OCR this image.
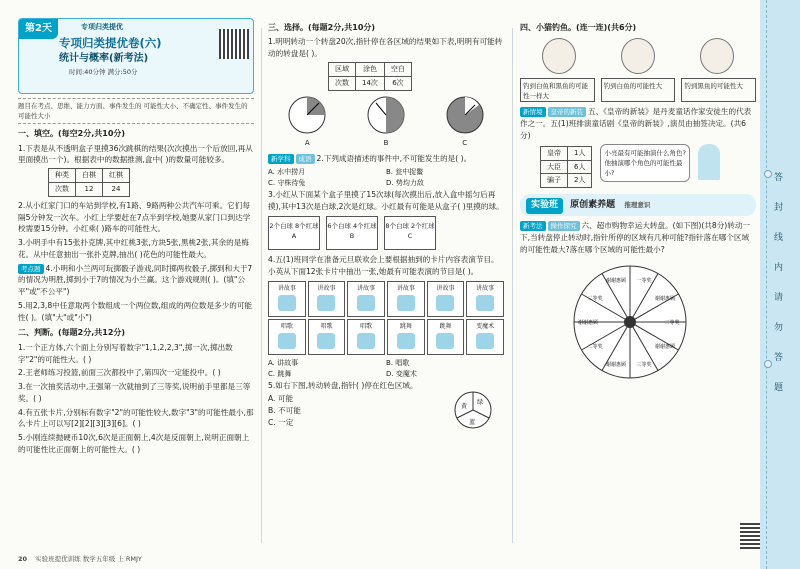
第2天	专项归类提优
专项归类提优卷(六)
统计与概率(新考法)
时间:40分钟 满分:50分
题目在考点、思维、能力方面、事件发生的 可能性大小、不确定性、事件发生的可能性大小
一、填空。(每空2分,共10分)
1.下表是从不透明盒子里摸36次跳棋的结果(次次摸出一个后放回,再从里面摸出一个)。根据表中的数据推测,盒中( )的数量可能较多。
种类	白棋	红棋
次数	12	24
2.从小红家门口的车站到学校,有1路、9路两种公共汽车可乘。它们每隔5分钟发一次车。小红上学要赶在7点半到学校,她要从家门口到达学校需要15分钟。小红乘( )路车的可能性大。
3.小明手中有15张扑克牌,其中红桃3张,方块5张,黑桃2张,其余的是梅花。从中任意抽出一张扑克牌,抽出( )花色的可能性最大。
考点题 4.小明和小兰两可玩掷骰子游戏,同时掷两枚骰子,掷到和大于7的情况为明胜,掷到小于7的情况为小兰赢。这个游戏规则( )。(填"公平"或"不公平")
5.用2,3,8中任意取两个数组成一个两位数,组成的两位数是多少的可能性( )。(填"大"或"小")
二、判断。(每题2分,共12分)
1.一个正方体,六个面上分别写着数字"1,1,2,2,3",掷一次,掷出数字"2"的可能性大。( )
2.王老师练习投篮,前面三次都投中了,第四次一定能投中。( )
3.在一次抽奖活动中,王强第一次就抽到了三等奖,说明前手里都是三等奖。( )
4.有五张卡片,分别标有数字"2"的可能性较大,数字"3"的可能性最小,那么卡片上可以写[2][2][3][3][6]。( )
5.小刚连续抛硬币10次,6次是正面朝上,4次是反面朝上,说明正面朝上的可能性比正面朝上的可能性大。( )
三、选择。(每题2分,共10分)
1.明明转动一个转盘20次,指针停在各区域的结果如下表,明明有可能转动的转盘是( )。
区域	涂色	空白
次数	14次	6次
A	B	C
新学科 成语 2.下列成语描述的事件中,不可能发生的是( )。
A. 水中捞月	B. 瓮中捉鳖
C. 守株待兔	D. 势均力敌
3.小红从下面某个盒子里摸了15次球(每次摸出后,放入盒中摇匀后再摸),其中13次是白球,2次是红球。小红最有可能是从盒子( )里摸的球。
2个白球 8个红球
A
6个白球 4个红球
B
8个白球 2个红球
C
4.五(1)班同学在准备元旦联欢会上要根据抽到的卡片内容表演节目。小英从下面12张卡片中抽出一张,她最有可能表演的节目是( )。
讲故事	讲故事	讲故事	讲故事	讲故事	讲故事
唱歌	唱歌	唱歌	跳舞	跳舞	变魔术
A. 讲故事	B. 唱歌
C. 跳舞	D. 变魔术
5.如右下图,转动转盘,指针( )停在红色区域。
A. 可能
B. 不可能
C. 一定
绿
黄
蓝
四、小猫钓鱼。(连一连)(共6分)
钓到白鱼和黑鱼的可能性一样大
钓到白鱼的可能性大	钓到黑鱼的可能性大
新情境 皇帝的新装 五、《皇帝的新装》是丹麦童话作家安徒生的代表作之一。五(1)班排演童话剧《皇帝的新装》,演员由抽签决定。(共6分)
皇帝	1人
大臣	6人
骗子	2人
小亮最有可能抽演什么角色?他抽演哪个角色的可能性最小?
实验班 原创素养题 推理意识
新考法 操作探究 六、超市购物幸运大转盘。(如下图)(共8分)转动一下,当转盘停止转动时,指针所停的区域有几种可能?指针落在哪个区域的可能性最大?落在哪个区域的可能性最小?
一等奖
谢谢惠顾
二等奖
谢谢惠顾
三等奖
谢谢惠顾
二等奖
谢谢惠顾
三等奖
谢谢惠顾
答
封
线
内
请
勿
答
题
20 实验班提优训练 数学五年级 上 RMJY
